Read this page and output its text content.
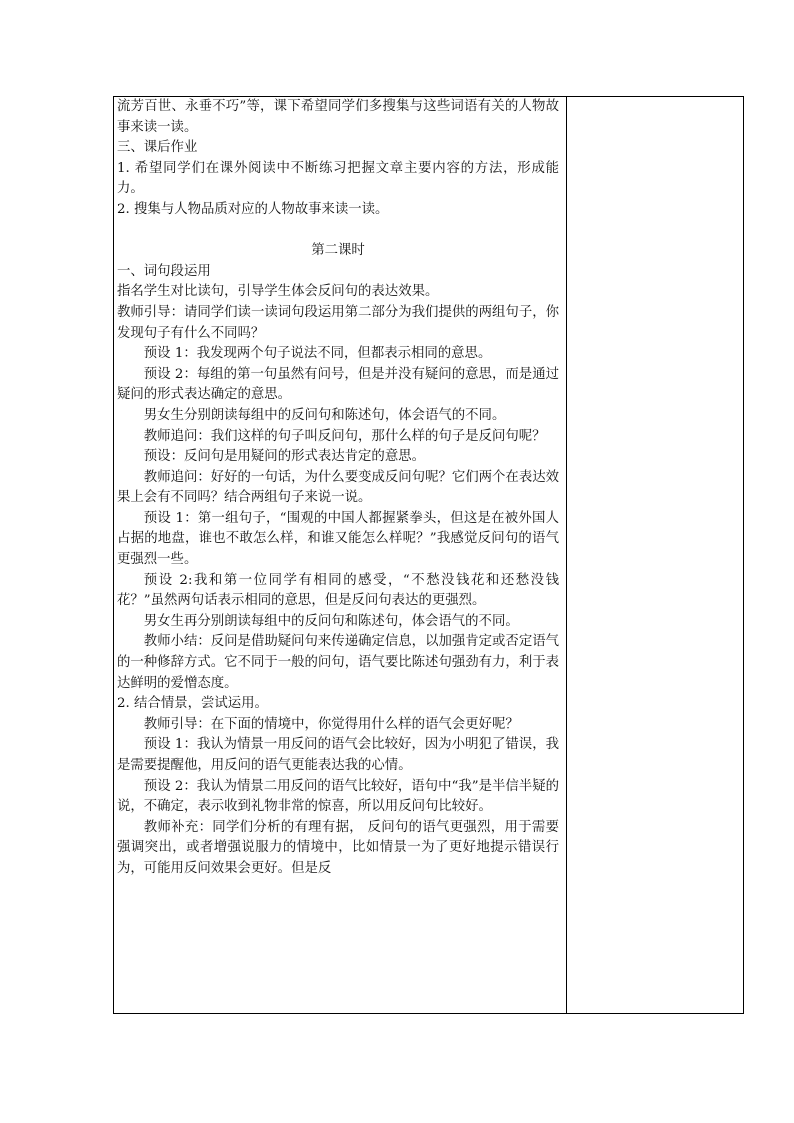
流芳百世、永垂不巧”等，课下希望同学们多搜集与这些词语有关的人物故事来读一读。

三、课后作业

1. 希望同学们在课外阅读中不断练习把握文章主要内容的方法，形成能力。

2. 搜集与人物品质对应的人物故事来读一读。

第二课时

一、词句段运用

指名学生对比读句，引导学生体会反问句的表达效果。

教师引导：请同学们读一读词句段运用第二部分为我们提供的两组句子，你发现句子有什么不同吗？

预设 1：我发现两个句子说法不同，但都表示相同的意思。

预设 2：每组的第一句虽然有问号，但是并没有疑问的意思，而是通过疑问的形式表达确定的意思。

男女生分别朗读每组中的反问句和陈述句，体会语气的不同。

教师追问：我们这样的句子叫反问句，那什么样的句子是反问句呢？

预设：反问句是用疑问的形式表达肯定的意思。

教师追问：好好的一句话，为什么要变成反问句呢？它们两个在表达效果上会有不同吗？结合两组句子来说一说。

预设 1：第一组句子，“围观的中国人都握紧拳头，但这是在被外国人占据的地盘，谁也不敢怎么样，和谁又能怎么样呢？”我感觉反问句的语气更强烈一些。

预设 2:我和第一位同学有相同的感受，“不愁没钱花和还愁没钱花？”虽然两句话表示相同的意思，但是反问句表达的更强烈。

男女生再分别朗读每组中的反问句和陈述句，体会语气的不同。

教师小结：反问是借助疑问句来传递确定信息，以加强肯定或否定语气的一种修辞方式。它不同于一般的问句，语气要比陈述句强劲有力，利于表达鲜明的爱憎态度。

2. 结合情景，尝试运用。

教师引导：在下面的情境中，你觉得用什么样的语气会更好呢？

预设 1：我认为情景一用反问的语气会比较好，因为小明犯了错误，我是需要提醒他，用反问的语气更能表达我的心情。

预设 2：我认为情景二用反问的语气比较好，语句中“我”是半信半疑的说，不确定，表示收到礼物非常的惊喜，所以用反问句比较好。

教师补充：同学们分析的有理有据， 反问句的语气更强烈，用于需要强调突出，或者增强说服力的情境中，比如情景一为了更好地提示错误行为，可能用反问效果会更好。但是反
